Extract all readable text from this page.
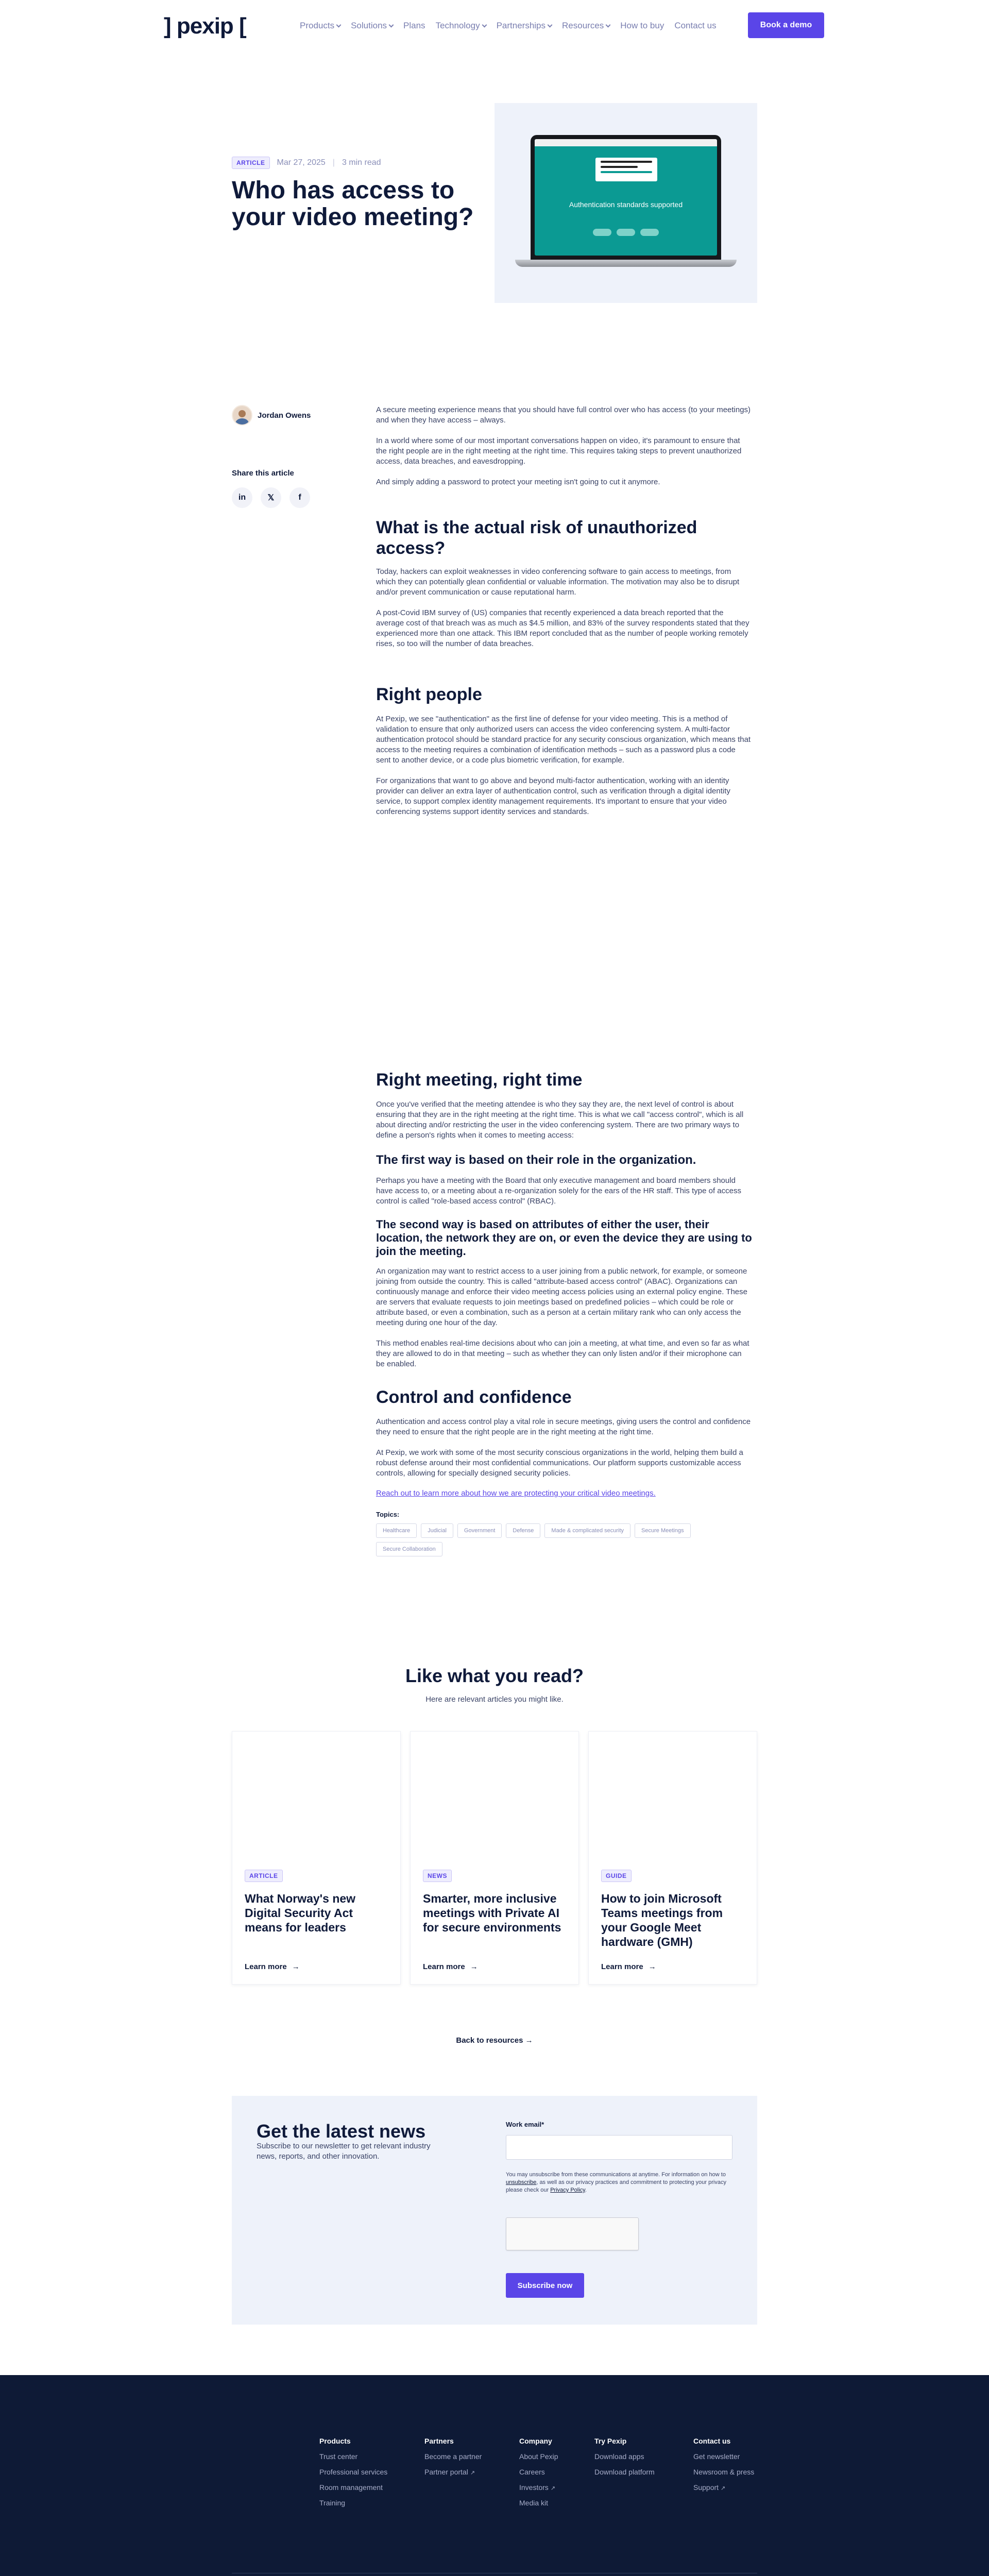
] pexip [	Products Solutions Plans Technology Partnerships Resources How to buy Contact us	Book a demo
ARTICLE	Mar 27, 2025 | 3 min read
Who has access to your video meeting?	Authentication standards supported
Jordan Owens
Share this article
in	𝕏	f

A secure meeting experience means that you should have full control over who has access (to your meetings) and when they have access – always.

In a world where some of our most important conversations happen on video, it's paramount to ensure that the right people are in the right meeting at the right time. This requires taking steps to prevent unauthorized access, data breaches, and eavesdropping.

And simply adding a password to protect your meeting isn't going to cut it anymore.

What is the actual risk of unauthorized access?

Today, hackers can exploit weaknesses in video conferencing software to gain access to meetings, from which they can potentially glean confidential or valuable information. The motivation may also be to disrupt and/or prevent communication or cause reputational harm.

A post-Covid IBM survey of (US) companies that recently experienced a data breach reported that the average cost of that breach was as much as $4.5 million, and 83% of the survey respondents stated that they experienced more than one attack. This IBM report concluded that as the number of people working remotely rises, so too will the number of data breaches.

Right people

At Pexip, we see "authentication" as the first line of defense for your video meeting. This is a method of validation to ensure that only authorized users can access the video conferencing system. A multi-factor authentication protocol should be standard practice for any security conscious organization, which means that access to the meeting requires a combination of identification methods – such as a password plus a code sent to another device, or a code plus biometric verification, for example.

For organizations that want to go above and beyond multi-factor authentication, working with an identity provider can deliver an extra layer of authentication control, such as verification through a digital identity service, to support complex identity management requirements. It's important to ensure that your video conferencing systems support identity services and standards.

Right meeting, right time

Once you've verified that the meeting attendee is who they say they are, the next level of control is about ensuring that they are in the right meeting at the right time. This is what we call "access control", which is all about directing and/or restricting the user in the video conferencing system. There are two primary ways to define a person's rights when it comes to meeting access:

The first way is based on their role in the organization.

Perhaps you have a meeting with the Board that only executive management and board members should have access to, or a meeting about a re-organization solely for the ears of the HR staff. This type of access control is called "role-based access control" (RBAC).

The second way is based on attributes of either the user, their location, the network they are on, or even the device they are using to join the meeting.

An organization may want to restrict access to a user joining from a public network, for example, or someone joining from outside the country. This is called "attribute-based access control" (ABAC). Organizations can continuously manage and enforce their video meeting access policies using an external policy engine. These are servers that evaluate requests to join meetings based on predefined policies – which could be role or attribute based, or even a combination, such as a person at a certain military rank who can only access the meeting during one hour of the day.

This method enables real-time decisions about who can join a meeting, at what time, and even so far as what they are allowed to do in that meeting – such as whether they can only listen and/or if their microphone can be enabled.

Control and confidence

Authentication and access control play a vital role in secure meetings, giving users the control and confidence they need to ensure that the right people are in the right meeting at the right time.

At Pexip, we work with some of the most security conscious organizations in the world, helping them build a robust defense around their most confidential communications. Our platform supports customizable access controls, allowing for specially designed security policies.

Reach out to learn more about how we are protecting your critical video meetings.

Topics:
Healthcare	Judicial	Government	Defense	Made & complicated security	Secure Meetings
Secure Collaboration
Like what you read?

Here are relevant articles you might like.

ARTICLE
What Norway's new Digital Security Act means for leaders
Learn more →
NEWS
Smarter, more inclusive meetings with Private AI for secure environments
Learn more →
GUIDE
How to join Microsoft Teams meetings from your Google Meet hardware (GMH)
Learn more →
Back to resources →
Get the latest news

Subscribe to our newsletter to get relevant industry news, reports, and other innovation.

Work email*

You may unsubscribe from these communications at anytime. For information on how to unsubscribe, as well as our privacy practices and commitment to protecting your privacy please check our Privacy Policy.

Subscribe now
Products
Trust center
Professional services
Room management
Training
Partners
Become a partner
Partner portal ↗
Company
About Pexip
Careers
Investors ↗
Media kit
Try Pexip
Download apps
Download platform
Contact us
Get newsletter
Newsroom & press
Support ↗
